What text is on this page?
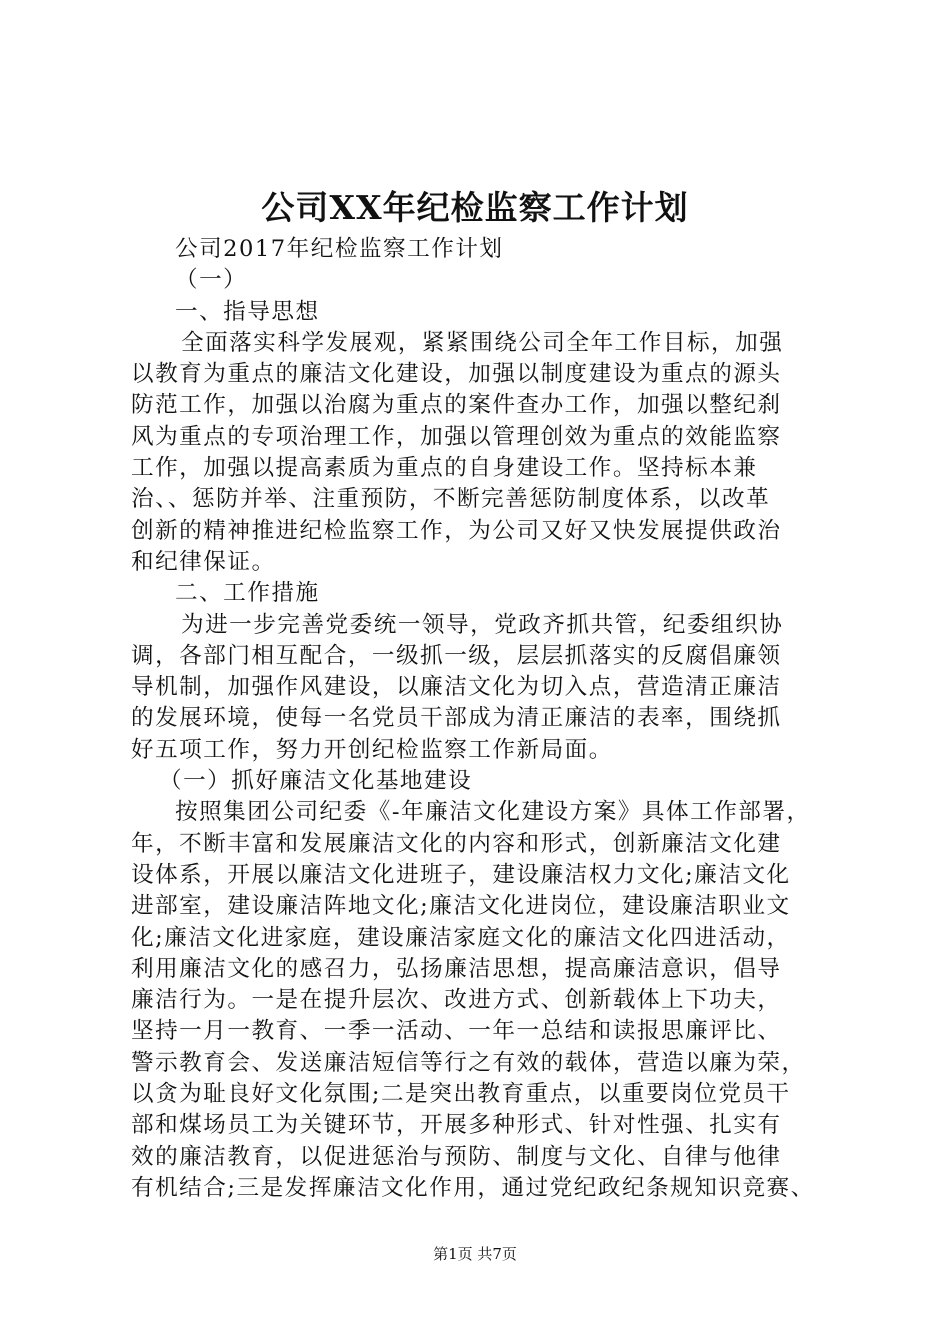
公司XX年纪检监察工作计划
公司2017年纪检监察工作计划
（一）
一、指导思想
全面落实科学发展观，紧紧围绕公司全年工作目标，加强
以教育为重点的廉洁文化建设，加强以制度建设为重点的源头
防范工作，加强以治腐为重点的案件查办工作，加强以整纪刹
风为重点的专项治理工作，加强以管理创效为重点的效能监察
工作，加强以提高素质为重点的自身建设工作。坚持标本兼
治、、惩防并举、注重预防，不断完善惩防制度体系，以改革
创新的精神推进纪检监察工作，为公司又好又快发展提供政治
和纪律保证。
二、工作措施
为进一步完善党委统一领导，党政齐抓共管，纪委组织协
调，各部门相互配合，一级抓一级，层层抓落实的反腐倡廉领
导机制，加强作风建设，以廉洁文化为切入点，营造清正廉洁
的发展环境，使每一名党员干部成为清正廉洁的表率，围绕抓
好五项工作，努力开创纪检监察工作新局面。
（一）抓好廉洁文化基地建设
按照集团公司纪委《-年廉洁文化建设方案》具体工作部署，
年，不断丰富和发展廉洁文化的内容和形式，创新廉洁文化建
设体系，开展以廉洁文化进班子，建设廉洁权力文化;廉洁文化
进部室，建设廉洁阵地文化;廉洁文化进岗位，建设廉洁职业文
化;廉洁文化进家庭，建设廉洁家庭文化的廉洁文化四进活动，
利用廉洁文化的感召力，弘扬廉洁思想，提高廉洁意识，倡导
廉洁行为。一是在提升层次、改进方式、创新载体上下功夫，
坚持一月一教育、一季一活动、一年一总结和读报思廉评比、
警示教育会、发送廉洁短信等行之有效的载体，营造以廉为荣，
以贪为耻良好文化氛围;二是突出教育重点，以重要岗位党员干
部和煤场员工为关键环节，开展多种形式、针对性强、扎实有
效的廉洁教育，以促进惩治与预防、制度与文化、自律与他律
有机结合;三是发挥廉洁文化作用，通过党纪政纪条规知识竞赛、
第1页 共7页
